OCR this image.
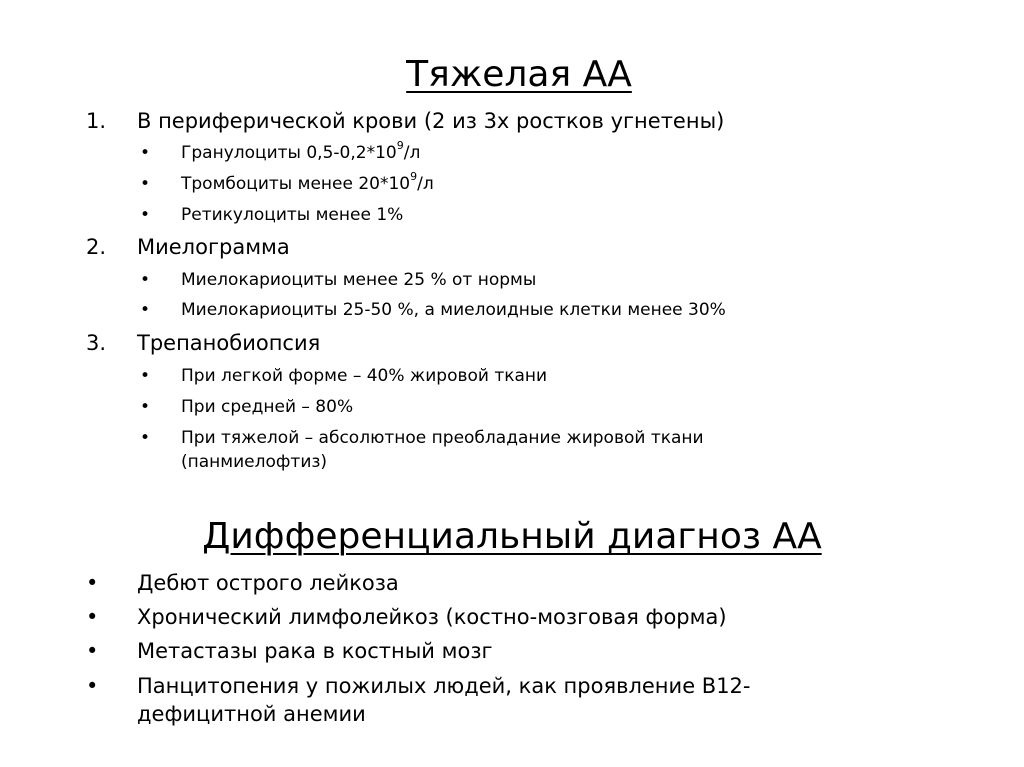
Тяжелая АА
1. В периферической крови (2 из 3х ростков угнетены)
• Гранулоциты $0,5-0,2*10^9/л$
• Тромбоциты менее $20*10^9/л$
• Ретикулоциты менее 1%
2. Миелограмма
• Миелокариоциты менее 25 % от нормы
• Миелокариоциты 25-50 %, а миелоидные клетки менее 30%
3. Трепанобиопсия
• При легкой форме – 40% жировой ткани
• При средней – 80%
• При тяжелой – абсолютное преобладание жировой ткани
(панмиелофтиз)
Дифференциальный диагноз АА
• Дебют острого лейкоза
• Хронический лимфолейкоз (костно-мозговая форма)
• Метастазы рака в костный мозг
• Панцитопения у пожилых людей, как проявление В12-
дефицитной анемии
